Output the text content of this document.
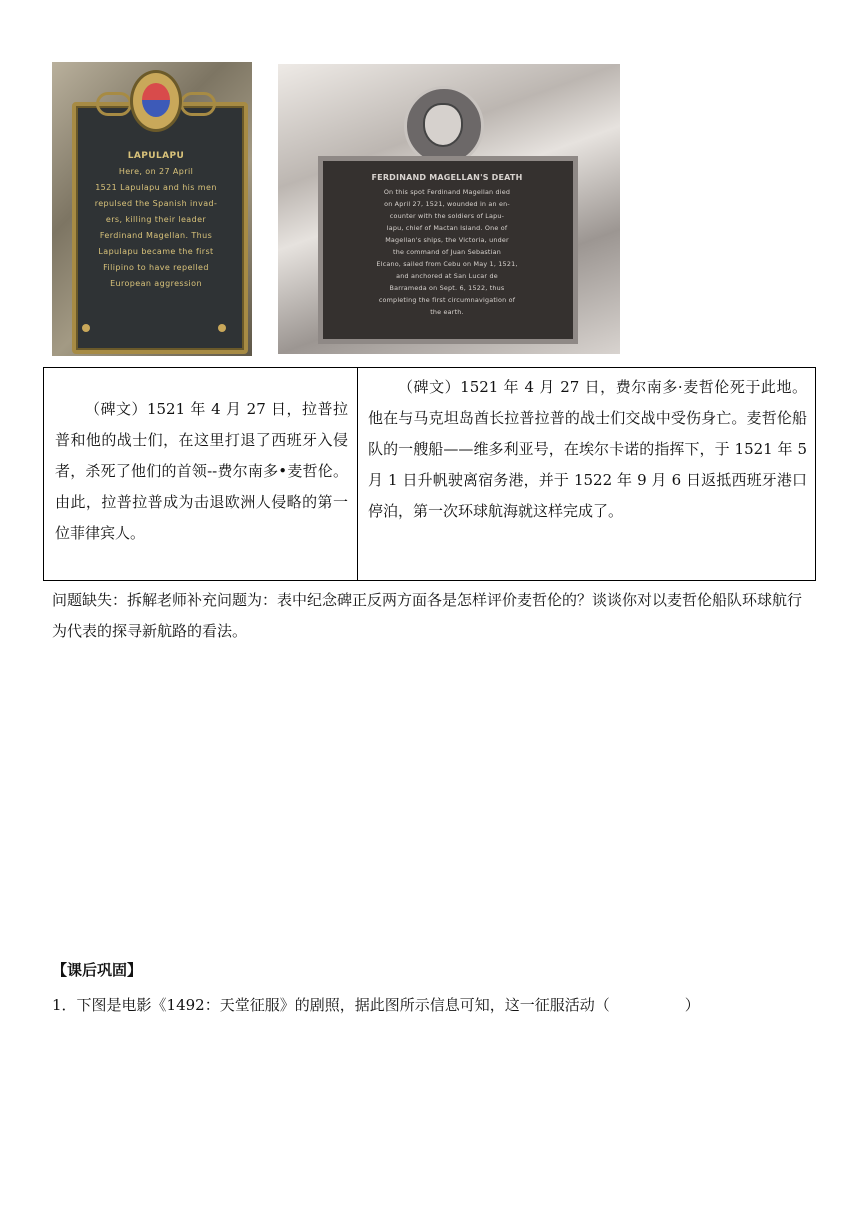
LAPULAPU
Here, on 27 April
1521 Lapulapu and his men
repulsed the Spanish invad-
ers, killing their leader
Ferdinand Magellan. Thus
Lapulapu became the first
Filipino to have repelled
European aggression
FERDINAND MAGELLAN'S DEATH
On this spot Ferdinand Magellan died
on April 27, 1521, wounded in an en-
counter with the soldiers of Lapu-
lapu, chief of Mactan Island. One of
Magellan's ships, the Victoria, under
the command of Juan Sebastian
Elcano, sailed from Cebu on May 1, 1521,
and anchored at San Lucar de
Barrameda on Sept. 6, 1522, thus
completing the first circumnavigation of
the earth.
（碑文）1521 年 4 月 27 日，拉普拉普和他的战士们，在这里打退了西班牙入侵者，杀死了他们的首领--费尔南多•麦哲伦。由此，拉普拉普成为击退欧洲人侵略的第一位菲律宾人。
（碑文）1521 年 4 月 27 日，费尔南多·麦哲伦死于此地。他在与马克坦岛酋长拉普拉普的战士们交战中受伤身亡。麦哲伦船队的一艘船——维多利亚号，在埃尔卡诺的指挥下，于 1521 年 5 月 1 日升帆驶离宿务港，并于 1522 年 9 月 6 日返抵西班牙港口停泊，第一次环球航海就这样完成了。
问题缺失：拆解老师补充问题为：表中纪念碑正反两方面各是怎样评价麦哲伦的？谈谈你对以麦哲伦船队环球航行为代表的探寻新航路的看法。
【课后巩固】
1．下图是电影《1492：天堂征服》的剧照，据此图所示信息可知，这一征服活动（　　　　　）
